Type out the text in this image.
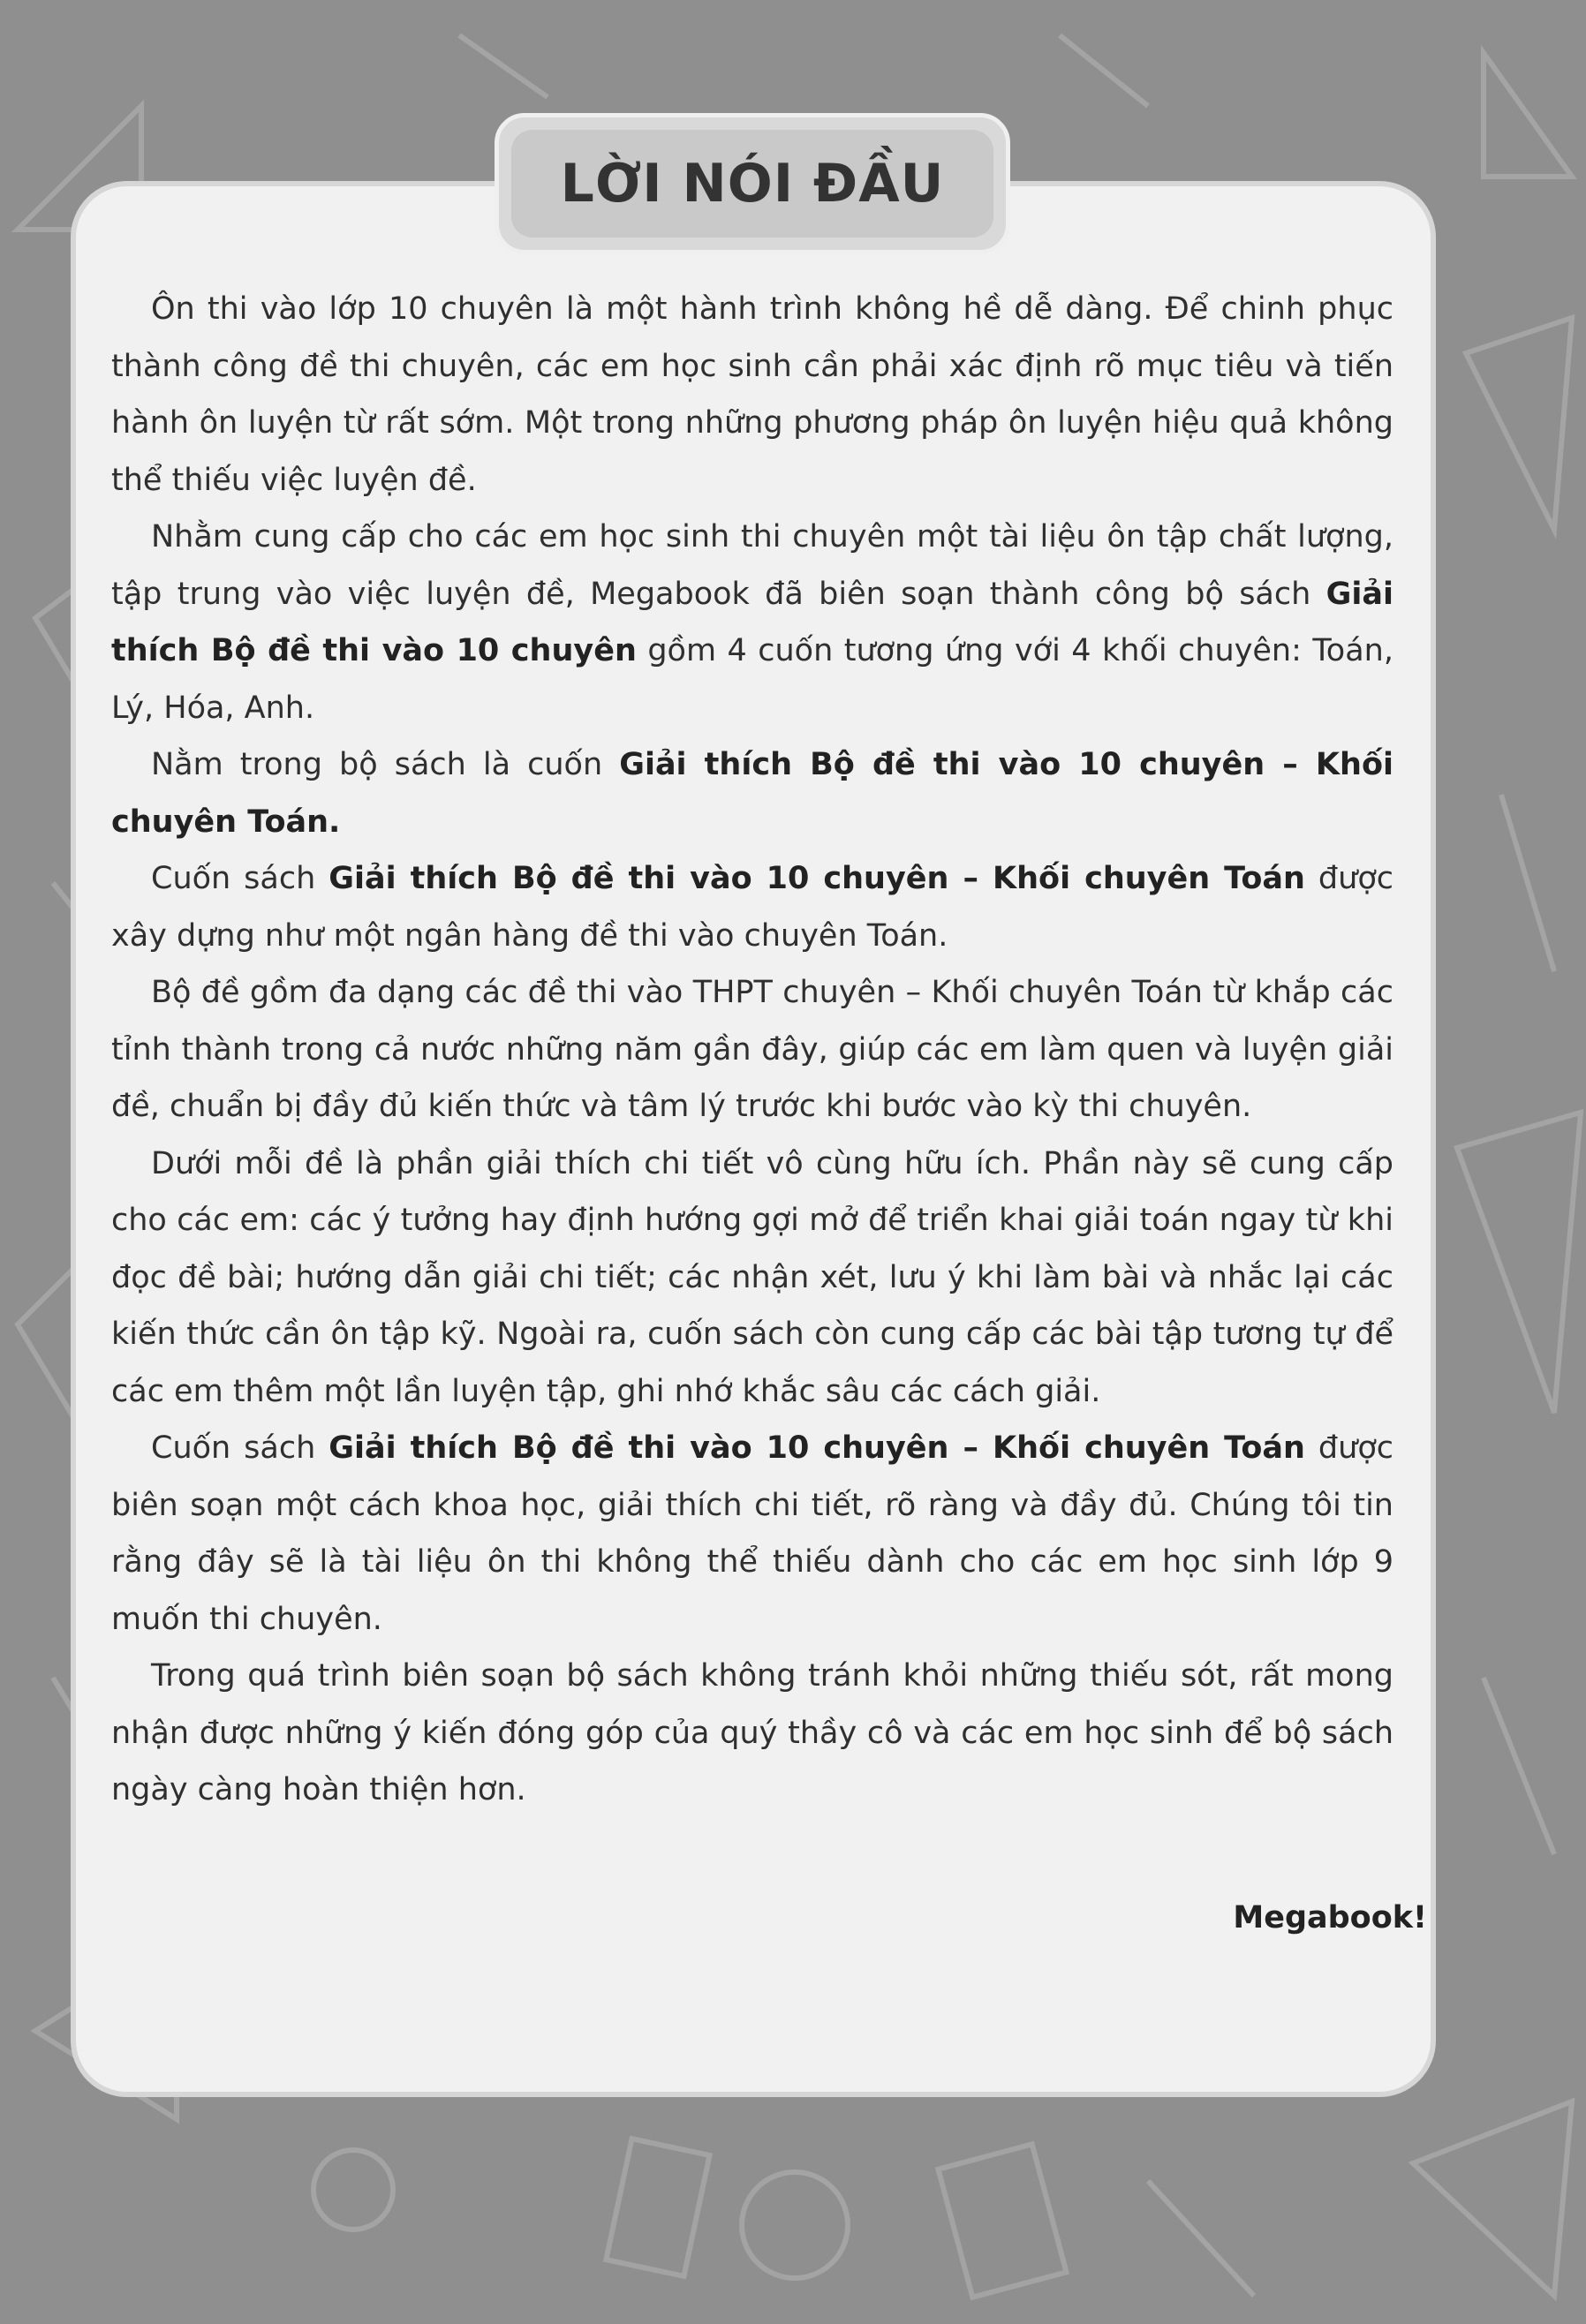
LỜI NÓI ĐẦU

Ôn thi vào lớp 10 chuyên là một hành trình không hề dễ dàng. Để chinh phục thành công đề thi chuyên, các em học sinh cần phải xác định rõ mục tiêu và tiến hành ôn luyện từ rất sớm. Một trong những phương pháp ôn luyện hiệu quả không thể thiếu việc luyện đề.

Nhằm cung cấp cho các em học sinh thi chuyên một tài liệu ôn tập chất lượng, tập trung vào việc luyện đề, Megabook đã biên soạn thành công bộ sách Giải thích Bộ đề thi vào 10 chuyên gồm 4 cuốn tương ứng với 4 khối chuyên: Toán, Lý, Hóa, Anh.

Nằm trong bộ sách là cuốn Giải thích Bộ đề thi vào 10 chuyên – Khối chuyên Toán.

Cuốn sách Giải thích Bộ đề thi vào 10 chuyên – Khối chuyên Toán được xây dựng như một ngân hàng đề thi vào chuyên Toán.

Bộ đề gồm đa dạng các đề thi vào THPT chuyên – Khối chuyên Toán từ khắp các tỉnh thành trong cả nước những năm gần đây, giúp các em làm quen và luyện giải đề, chuẩn bị đầy đủ kiến thức và tâm lý trước khi bước vào kỳ thi chuyên.

Dưới mỗi đề là phần giải thích chi tiết vô cùng hữu ích. Phần này sẽ cung cấp cho các em: các ý tưởng hay định hướng gợi mở để triển khai giải toán ngay từ khi đọc đề bài; hướng dẫn giải chi tiết; các nhận xét, lưu ý khi làm bài và nhắc lại các kiến thức cần ôn tập kỹ. Ngoài ra, cuốn sách còn cung cấp các bài tập tương tự để các em thêm một lần luyện tập, ghi nhớ khắc sâu các cách giải.

Cuốn sách Giải thích Bộ đề thi vào 10 chuyên – Khối chuyên Toán được biên soạn một cách khoa học, giải thích chi tiết, rõ ràng và đầy đủ. Chúng tôi tin rằng đây sẽ là tài liệu ôn thi không thể thiếu dành cho các em học sinh lớp 9 muốn thi chuyên.

Trong quá trình biên soạn bộ sách không tránh khỏi những thiếu sót, rất mong nhận được những ý kiến đóng góp của quý thầy cô và các em học sinh để bộ sách ngày càng hoàn thiện hơn.

Megabook!
